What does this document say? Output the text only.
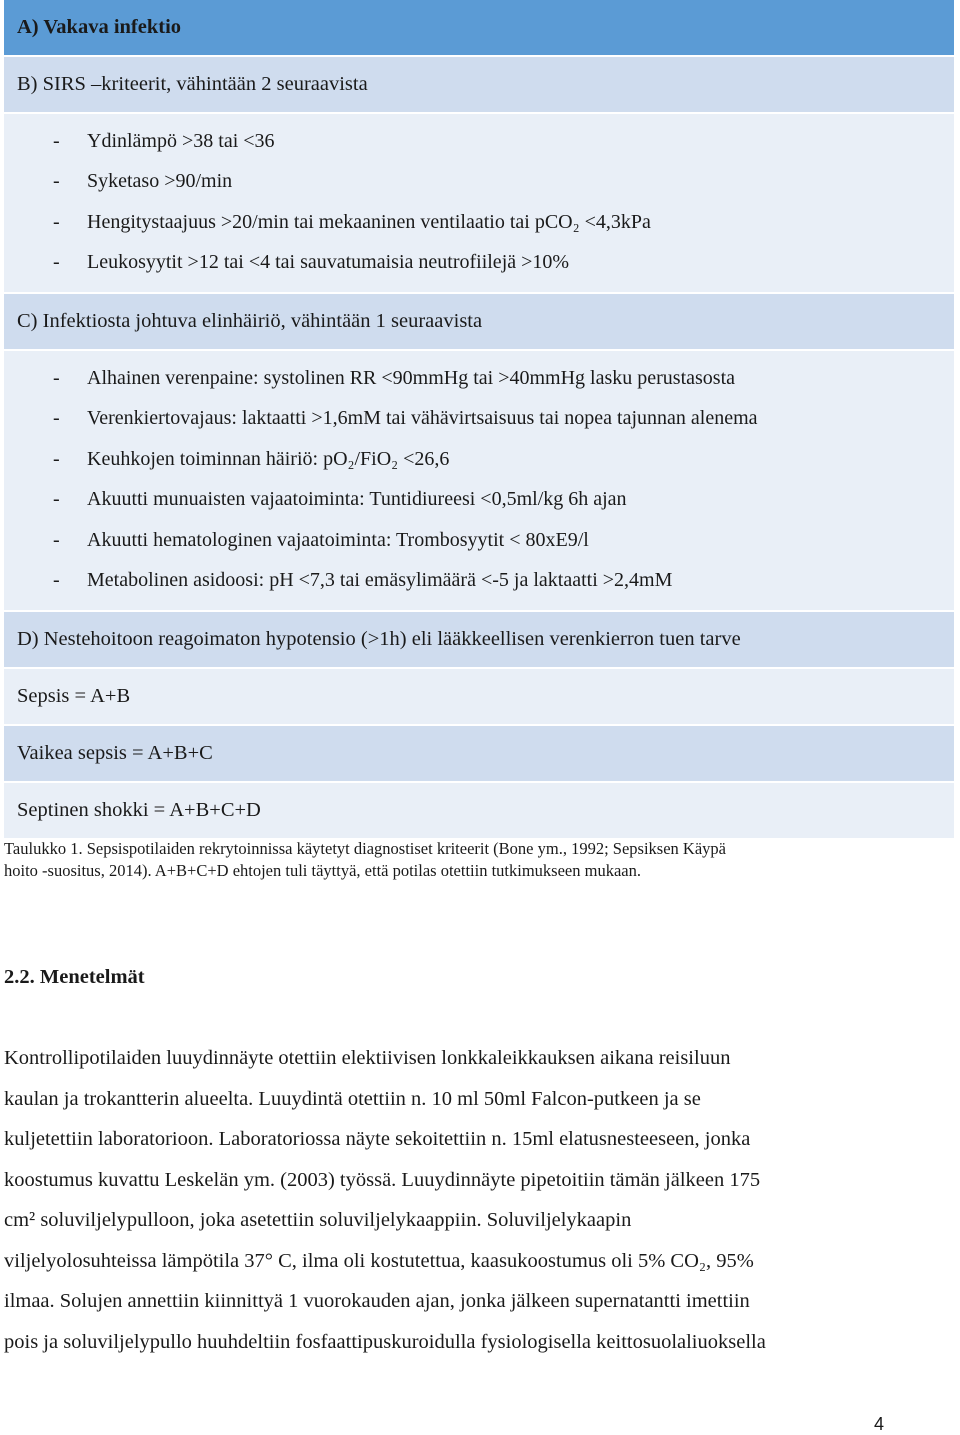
A) Vakava infektio
B) SIRS –kriteerit, vähintään 2 seuraavista
-	Ydinlämpö >38 tai <36
-	Syketaso >90/min
-	Hengitystaajuus >20/min tai mekaaninen ventilaatio tai pCO₂ <4,3kPa
-	Leukosyytit >12 tai <4 tai sauvatumaisia neutrofiilejä >10%
C) Infektiosta johtuva elinhäiriö, vähintään 1 seuraavista
-	Alhainen verenpaine: systolinen RR <90mmHg tai >40mmHg lasku perustasosta
-	Verenkiertovajaus: laktaatti >1,6mM tai vähävirtsaisuus tai nopea tajunnan alenema
-	Keuhkojen toiminnan häiriö: pO₂/FiO₂ <26,6
-	Akuutti munuaisten vajaatoiminta: Tuntidiureesi <0,5ml/kg 6h ajan
-	Akuutti hematologinen vajaatoiminta: Trombosyytit < 80xE9/l
-	Metabolinen asidoosi: pH <7,3 tai emäsylimäärä <-5 ja laktaatti >2,4mM
D) Nestehoitoon reagoimaton hypotensio (>1h) eli lääkkeellisen verenkierron tuen tarve
Sepsis = A+B
Vaikea sepsis = A+B+C
Septinen shokki = A+B+C+D
Taulukko 1. Sepsispotilaiden rekrytoinnissa käytetyt diagnostiset kriteerit (Bone ym., 1992; Sepsiksen Käypä
hoito -suositus, 2014). A+B+C+D ehtojen tuli täyttyä, että potilas otettiin tutkimukseen mukaan.
2.2. Menetelmät
Kontrollipotilaiden luuydinnäyte otettiin elektiivisen lonkkaleikkauksen aikana reisiluun
kaulan ja trokantterin alueelta. Luuydintä otettiin n. 10 ml 50ml Falcon-putkeen ja se
kuljetettiin laboratorioon. Laboratoriossa näyte sekoitettiin n. 15ml elatusnesteeseen, jonka
koostumus kuvattu Leskelän ym. (2003) työssä. Luuydinnäyte pipetoitiin tämän jälkeen 175
cm² soluviljelypulloon, joka asetettiin soluviljelykaappiin. Soluviljelykaapin
viljelyolosuhteissa lämpötila 37° C, ilma oli kostutettua, kaasukoostumus oli 5% CO₂, 95%
ilmaa. Solujen annettiin kiinnittyä 1 vuorokauden ajan, jonka jälkeen supernatantti imettiin
pois ja soluviljelypullo huuhdeltiin fosfaattipuskuroidulla fysiologisella keittosuolaliuoksella
4
